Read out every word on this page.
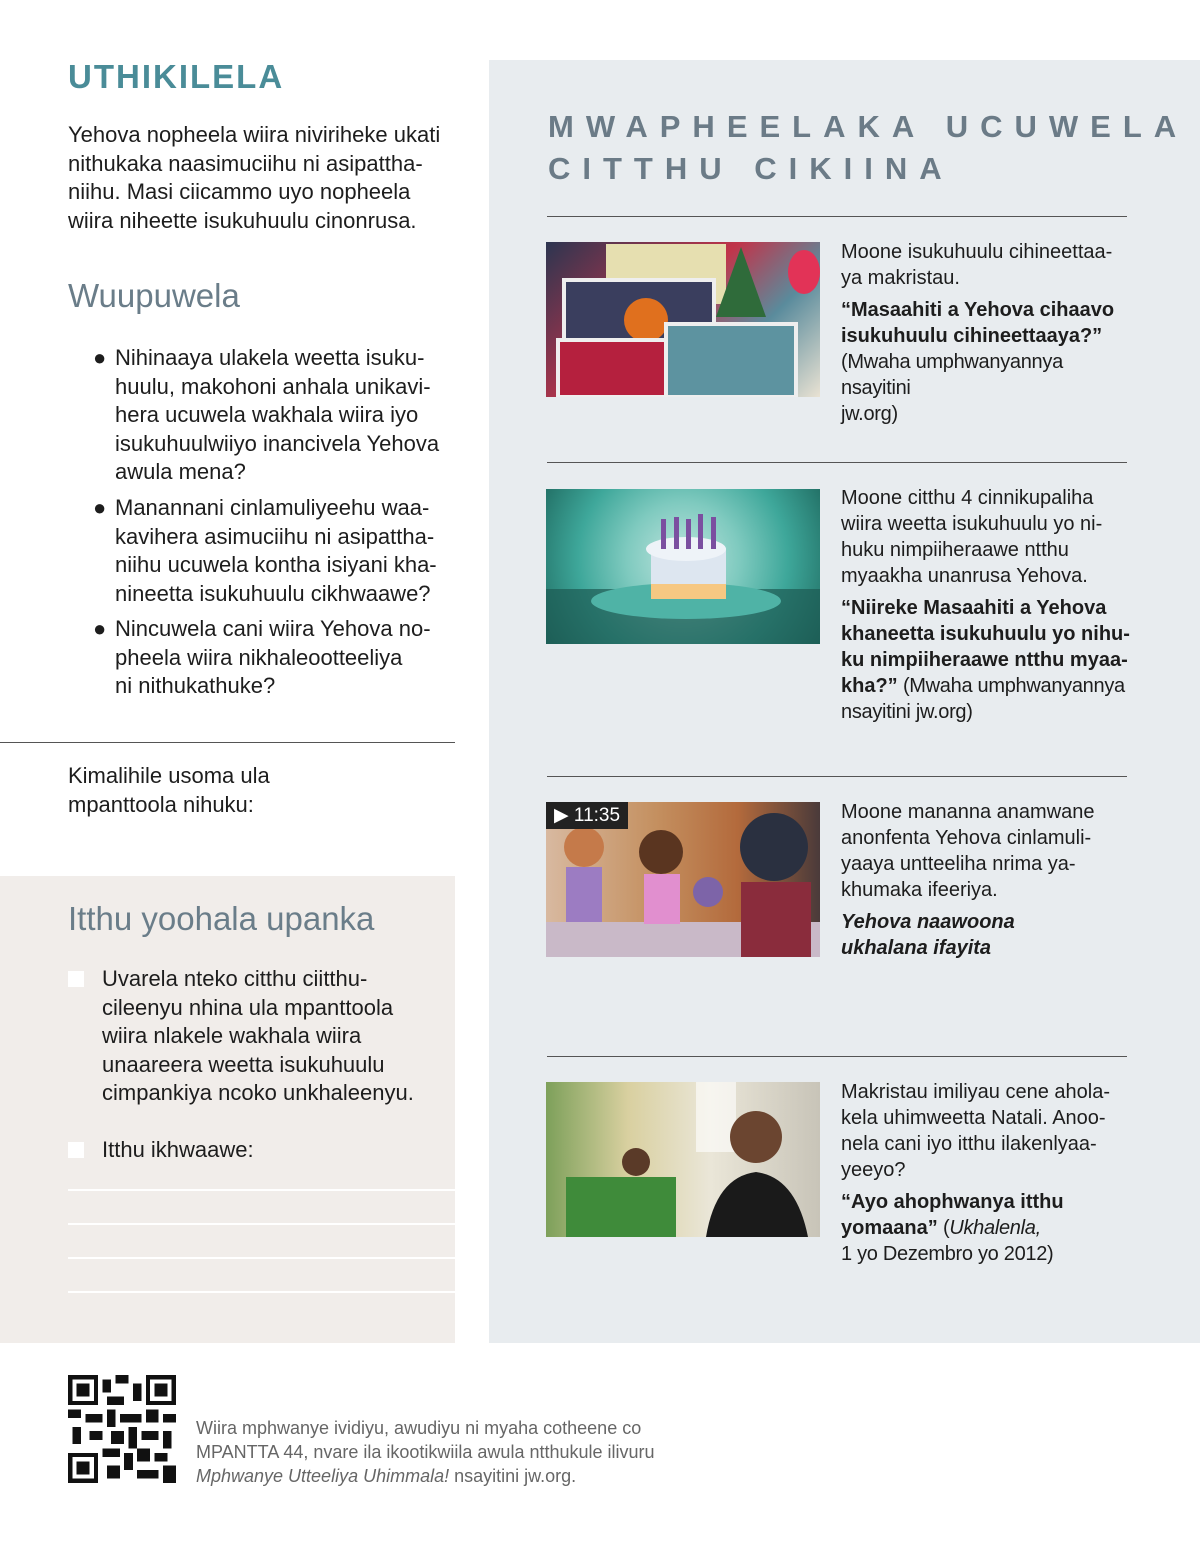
UTHIKILELA
Yehova nopheela wiira niviriheke ukati
nithukaka naasimuciihu ni asipattha-
niihu. Masi ciicammo uyo nopheela
wiira niheette isukuhuulu cinonrusa.
Wuupuwela
● Nihinaaya ulakela weetta isuku-
huulu, makohoni anhala unikavi-
hera ucuwela wakhala wiira iyo
isukuhuulwiiyo inancivela Yehova
awula mena?
● Manannani cinlamuliyeehu waa-
kavihera asimuciihu ni asipattha-
niihu ucuwela kontha isiyani kha-
nineetta isukuhuulu cikhwaawe?
● Nincuwela cani wiira Yehova no-
pheela wiira nikhaleootteeliya
ni nithukathuke?
Kimalihile usoma ula
mpanttoola nihuku:
Itthu yoohala upanka
Uvarela nteko citthu ciitthu-
cileenyu nhina ula mpanttoola
wiira nlakele wakhala wiira
unaareera weetta isukuhuulu
cimpankiya ncoko unkhaleenyu.
Itthu ikhwaawe:
MWAPHEELAKA UCUWELA
CITTHU CIKIINA

Moone isukuhuulu cihineettaa-
ya makristau.

“Masaahiti a Yehova cihaavo
isukuhuulu cihineettaaya?”
(Mwaha umphwanyannya nsayitini
jw.org)

Moone citthu 4 cinnikupaliha
wiira weetta isukuhuulu yo ni-
huku nimpiiheraawe ntthu
myaakha unanrusa Yehova.

“Niireke Masaahiti a Yehova
khaneetta isukuhuulu yo nihu-
ku nimpiiheraawe ntthu myaa-
kha?” (Mwaha umphwanyannya
nsayitini jw.org)

▶ 11:35	Moone mananna anamwane
anonfenta Yehova cinlamuli-
yaaya untteeliha nrima ya-
khumaka ifeeriya.

Yehova naawoona
ukhalana ifayita

Makristau imiliyau cene ahola-
kela uhimweetta Natali. Anoo-
nela cani iyo itthu ilakenlyaa-
yeeyo?

“Ayo ahophwanya itthu
yomaana” (Ukhalenla,
1 yo Dezembro yo 2012)

Wiira mphwanye ividiyu, awudiyu ni myaha cotheene co
MPANTTA 44, nvare ila ikootikwiila awula ntthukule ilivuru
Mphwanye Utteeliya Uhimmala! nsayitini jw.org.
